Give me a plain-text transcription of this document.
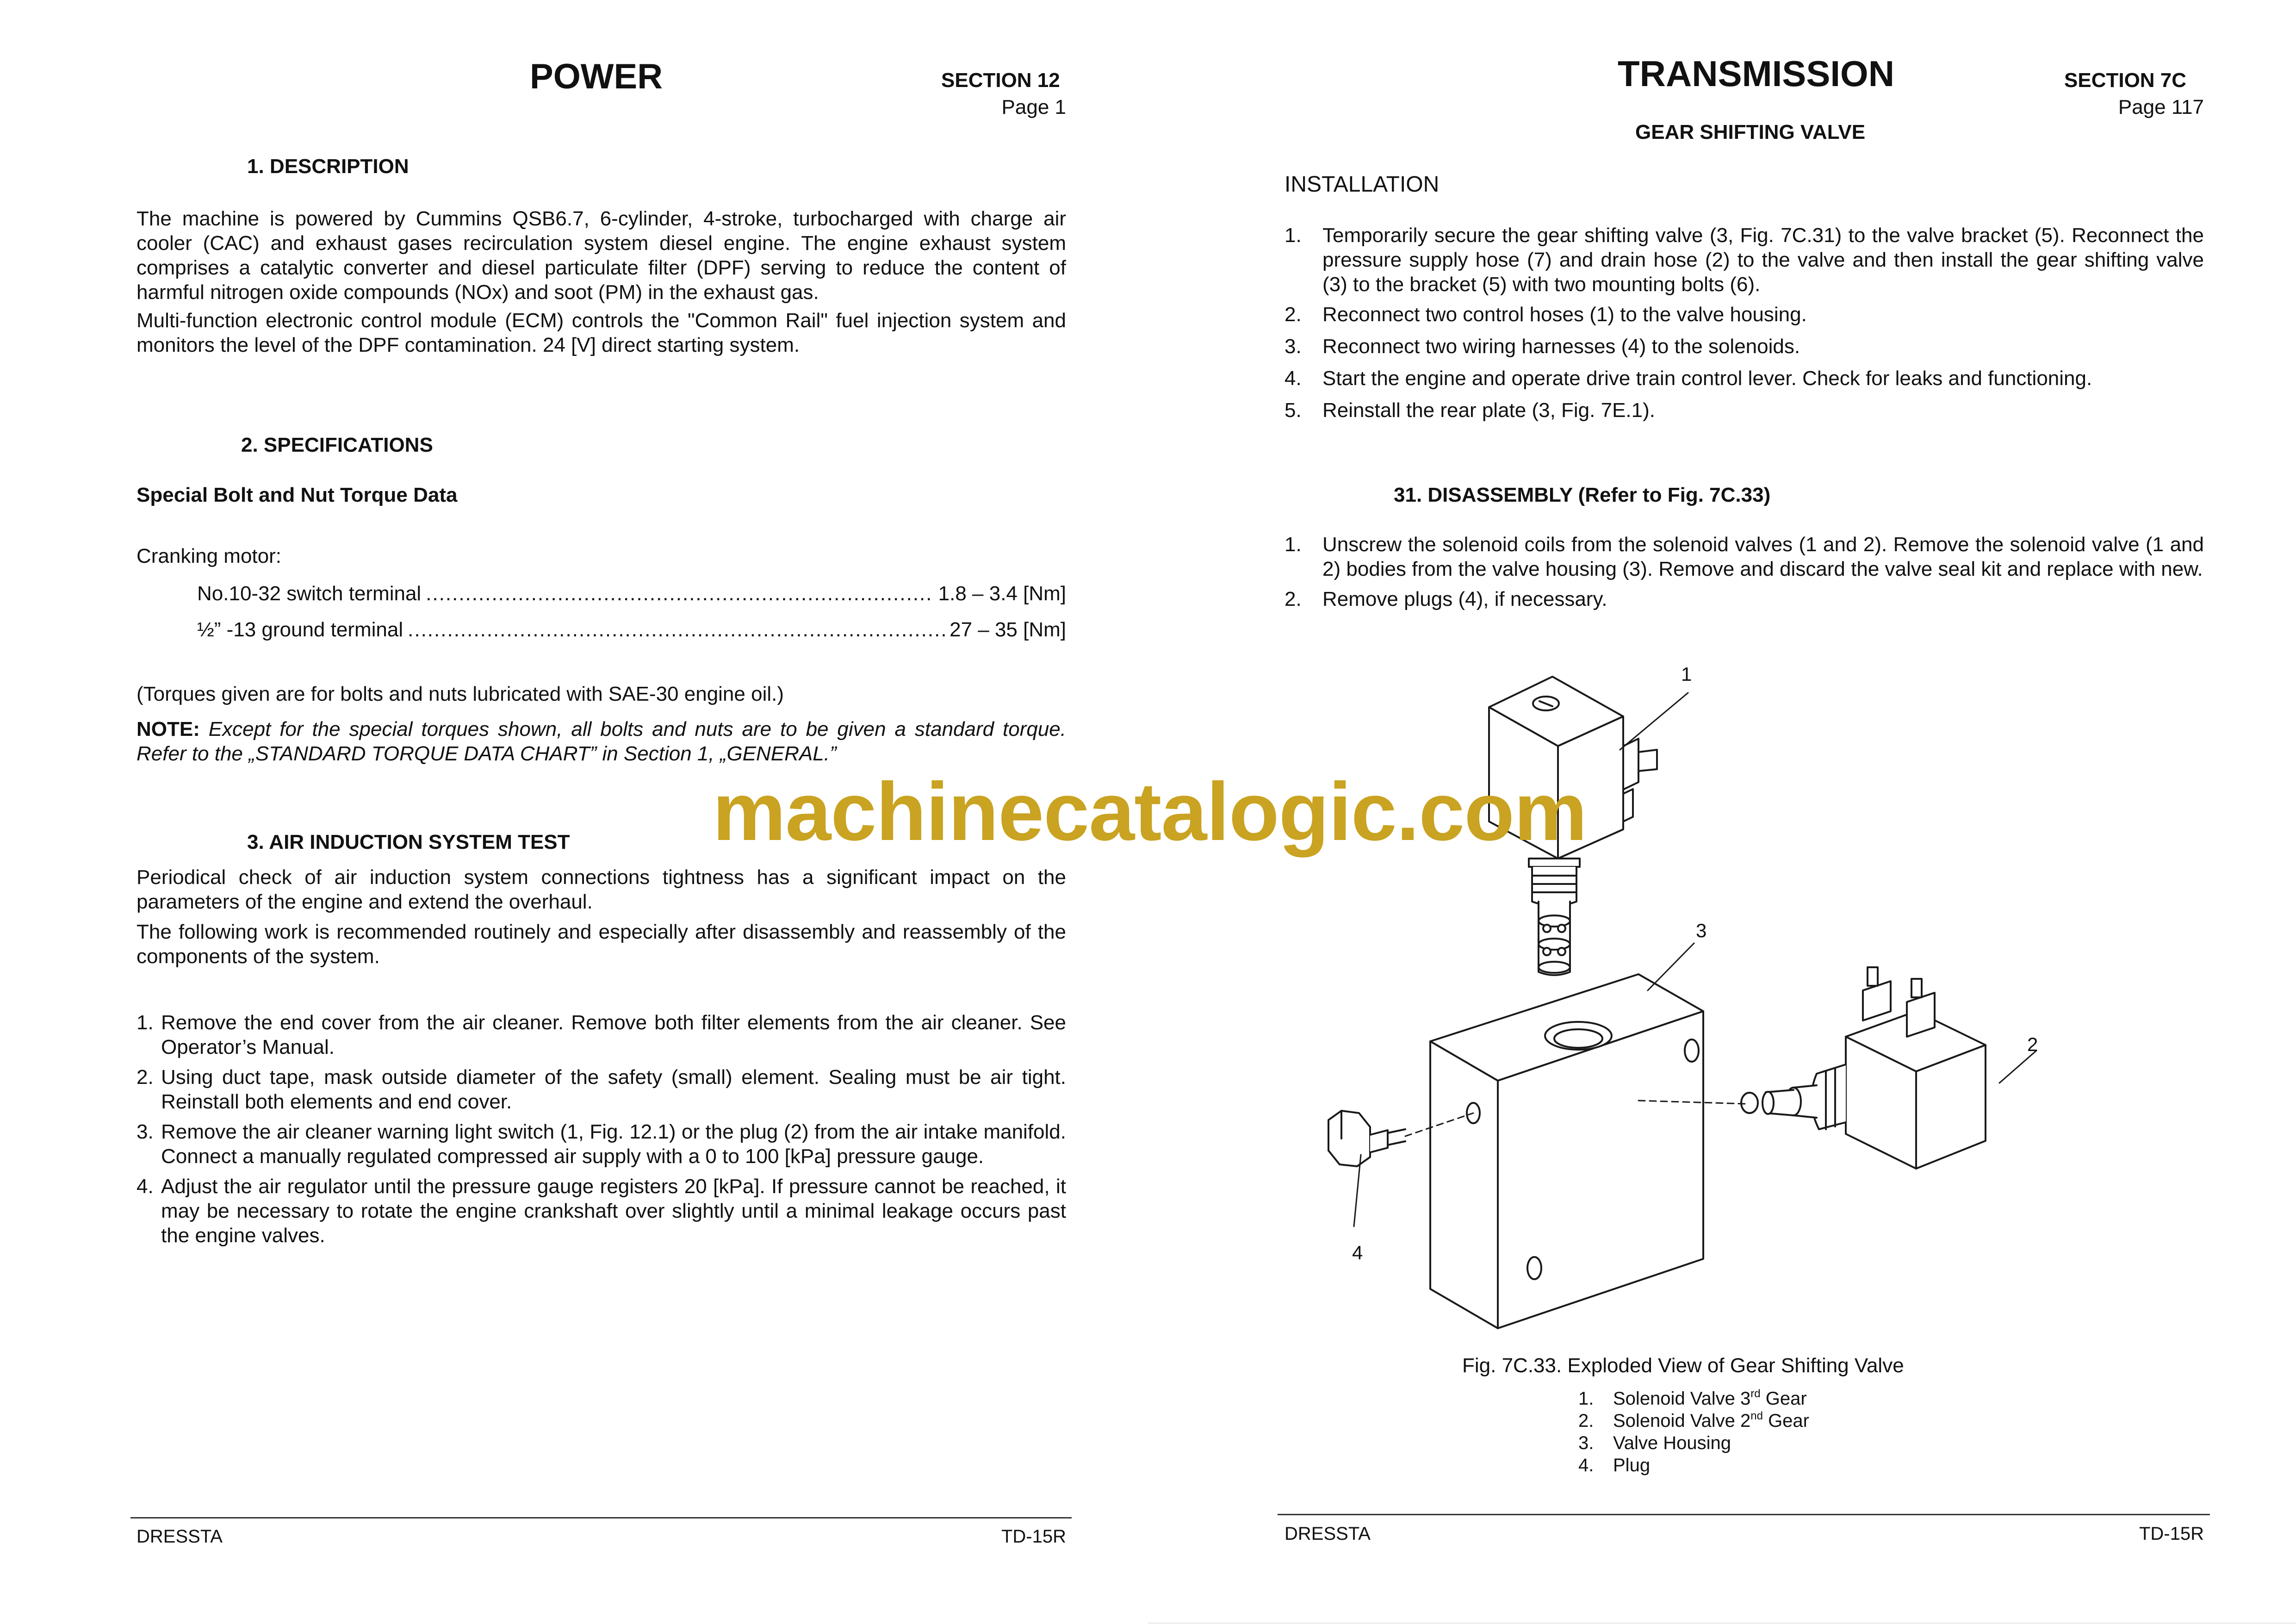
POWER	SECTION 12
Page 1
1. DESCRIPTION

The machine is powered by Cummins QSB6.7, 6-cylinder, 4-stroke, turbocharged with charge air cooler (CAC) and exhaust gases recirculation system diesel engine. The engine exhaust system comprises a catalytic converter and diesel particulate filter (DPF) serving to reduce the content of harmful nitrogen oxide compounds (NOx) and soot (PM) in the exhaust gas.

Multi-function electronic control module (ECM) controls the "Common Rail" fuel injection system and monitors the level of the DPF contamination. 24 [V] direct starting system.

2. SPECIFICATIONS
Special Bolt and Nut Torque Data
Cranking motor:
No.10-32 switch terminal .....	1.8 – 3.4 [Nm]
½” -13 ground terminal .....	27 – 35 [Nm]
(Torques given are for bolts and nuts lubricated with SAE-30 engine oil.)
NOTE: Except for the special torques shown, all bolts and nuts are to be given a standard torque. Refer to the „STANDARD TORQUE DATA CHART” in Section 1, „GENERAL.”
3. AIR INDUCTION SYSTEM TEST

Periodical check of air induction system connections tightness has a significant impact on the parameters of the engine and extend the overhaul.

The following work is recommended routinely and especially after disassembly and reassembly of the components of the system.

1. Remove the end cover from the air cleaner. Remove both filter elements from the air cleaner. See Operator’s Manual.
2. Using duct tape, mask outside diameter of the safety (small) element. Sealing must be air tight. Reinstall both elements and end cover.
3. Remove the air cleaner warning light switch (1, Fig. 12.1) or the plug (2) from the air intake manifold. Connect a manually regulated compressed air supply with a 0 to 100 [kPa] pressure gauge.
4. Adjust the air regulator until the pressure gauge registers 20 [kPa]. If pressure cannot be reached, it may be necessary to rotate the engine crankshaft over slightly until a minimal leakage occurs past the engine valves.
DRESSTA	TD-15R
TRANSMISSION	SECTION 7C
Page 117
GEAR SHIFTING VALVE
INSTALLATION
1. Temporarily secure the gear shifting valve (3, Fig. 7C.31) to the valve bracket (5). Reconnect the pressure supply hose (7) and drain hose (2) to the valve and then install the gear shifting valve (3) to the bracket (5) with two mounting bolts (6).
2. Reconnect two control hoses (1) to the valve housing.
3. Reconnect two wiring harnesses (4) to the solenoids.
4. Start the engine and operate drive train control lever. Check for leaks and functioning.
5. Reinstall the rear plate (3, Fig. 7E.1).
31. DISASSEMBLY (Refer to Fig. 7C.33)
1. Unscrew the solenoid coils from the solenoid valves (1 and 2). Remove the solenoid valve (1 and 2) bodies from the valve housing (3). Remove and discard the valve seal kit and replace with new.
2. Remove plugs (4), if necessary.
1
2
3
4
Fig. 7C.33. Exploded View of Gear Shifting Valve
1. Solenoid Valve 3rd Gear
2. Solenoid Valve 2nd Gear
3. Valve Housing
4. Plug
DRESSTA	TD-15R
machinecatalogic.com
